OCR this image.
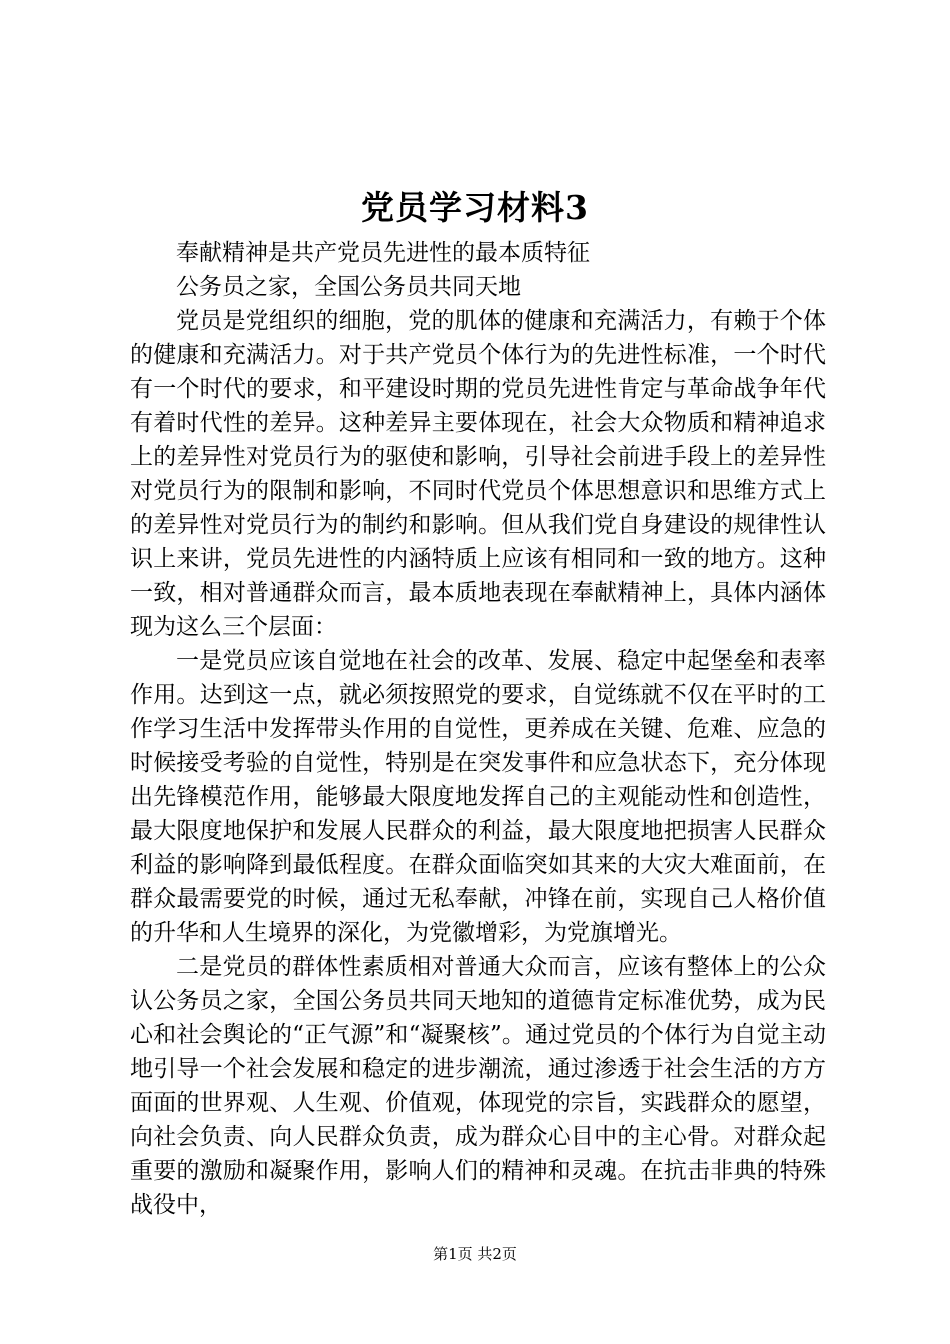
党员学习材料3

奉献精神是共产党员先进性的最本质特征

公务员之家，全国公务员共同天地

党员是党组织的细胞，党的肌体的健康和充满活力，有赖于个体的健康和充满活力。对于共产党员个体行为的先进性标准，一个时代有一个时代的要求，和平建设时期的党员先进性肯定与革命战争年代有着时代性的差异。这种差异主要体现在，社会大众物质和精神追求上的差异性对党员行为的驱使和影响，引导社会前进手段上的差异性对党员行为的限制和影响，不同时代党员个体思想意识和思维方式上的差异性对党员行为的制约和影响。但从我们党自身建设的规律性认识上来讲，党员先进性的内涵特质上应该有相同和一致的地方。这种一致，相对普通群众而言，最本质地表现在奉献精神上，具体内涵体现为这么三个层面：

一是党员应该自觉地在社会的改革、发展、稳定中起堡垒和表率作用。达到这一点，就必须按照党的要求，自觉练就不仅在平时的工作学习生活中发挥带头作用的自觉性，更养成在关键、危难、应急的时候接受考验的自觉性，特别是在突发事件和应急状态下，充分体现出先锋模范作用，能够最大限度地发挥自己的主观能动性和创造性，最大限度地保护和发展人民群众的利益，最大限度地把损害人民群众利益的影响降到最低程度。在群众面临突如其来的大灾大难面前，在群众最需要党的时候，通过无私奉献，冲锋在前，实现自己人格价值的升华和人生境界的深化，为党徽增彩，为党旗增光。

二是党员的群体性素质相对普通大众而言，应该有整体上的公众认公务员之家，全国公务员共同天地知的道德肯定标准优势，成为民心和社会舆论的“正气源”和“凝聚核”。通过党员的个体行为自觉主动地引导一个社会发展和稳定的进步潮流，通过渗透于社会生活的方方面面的世界观、人生观、价值观，体现党的宗旨，实践群众的愿望，向社会负责、向人民群众负责，成为群众心目中的主心骨。对群众起重要的激励和凝聚作用，影响人们的精神和灵魂。在抗击非典的特殊战役中，

第1页 共2页
